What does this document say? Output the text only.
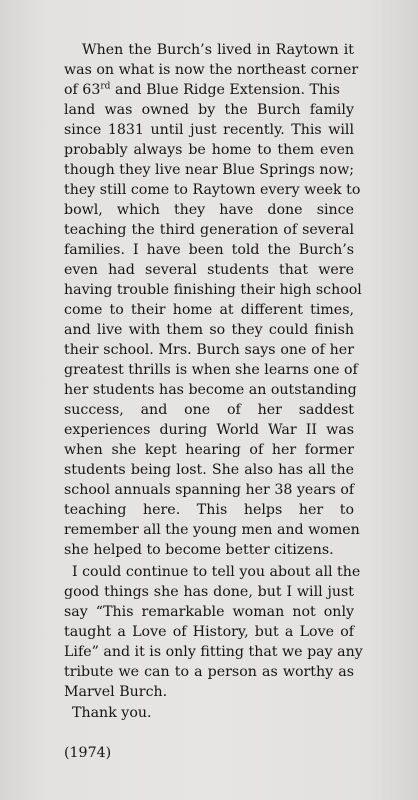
When the Burch’s lived in Raytown it
was on what is now the northeast corner
of 63rd and Blue Ridge Extension. This
land was owned by the Burch family
since 1831 until just recently. This will
probably always be home to them even
though they live near Blue Springs now;
they still come to Raytown every week to
bowl, which they have done since
teaching the third generation of several
families. I have been told the Burch’s
even had several students that were
having trouble finishing their high school
come to their home at different times,
and live with them so they could finish
their school. Mrs. Burch says one of her
greatest thrills is when she learns one of
her students has become an outstanding
success, and one of her saddest
experiences during World War II was
when she kept hearing of her former
students being lost. She also has all the
school annuals spanning her 38 years of
teaching here. This helps her to
remember all the young men and women
she helped to become better citizens.
I could continue to tell you about all the
good things she has done, but I will just
say “This remarkable woman not only
taught a Love of History, but a Love of
Life” and it is only fitting that we pay any
tribute we can to a person as worthy as
Marvel Burch.
Thank you.
(1974)
